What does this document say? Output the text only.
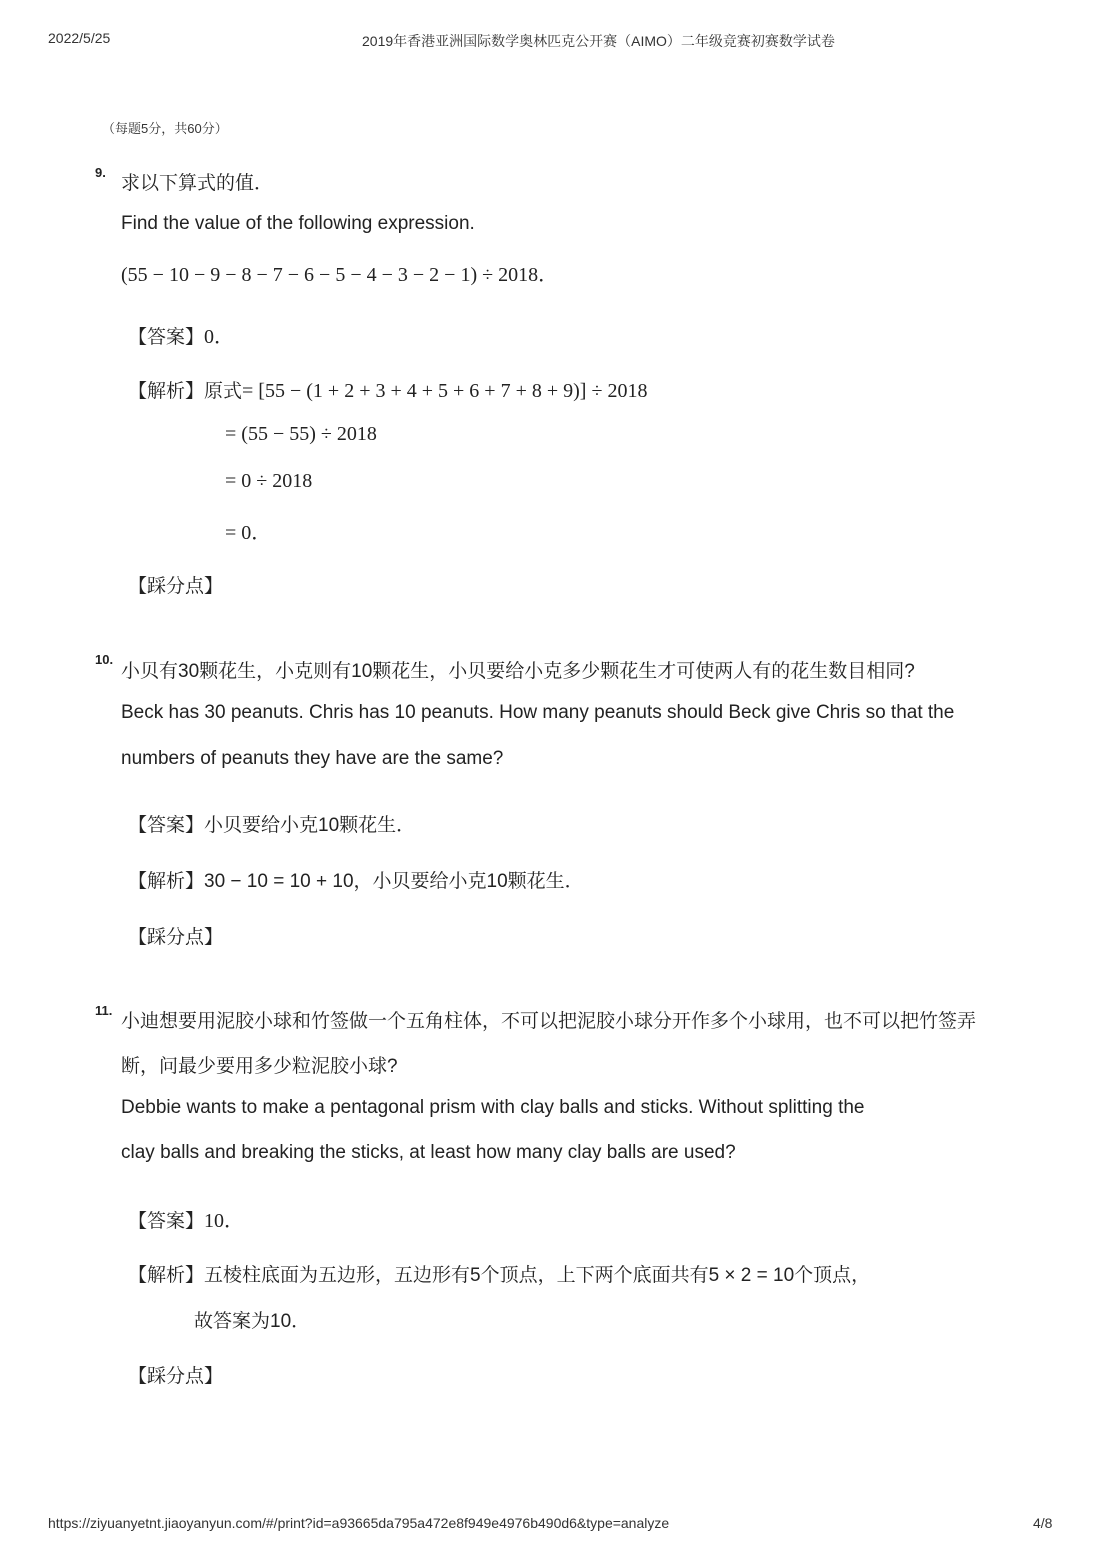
2022/5/25	2019年香港亚洲国际数学奥林匹克公开赛（AIMO）二年级竞赛初赛数学试卷
（每题5分，共60分）
9.
求以下算式的值．
Find the value of the following expression.
(55 − 10 − 9 − 8 − 7 − 6 − 5 − 4 − 3 − 2 − 1) ÷ 2018．
【答案】0．
【解析】原式= [55 − (1 + 2 + 3 + 4 + 5 + 6 + 7 + 8 + 9)] ÷ 2018
= (55 − 55) ÷ 2018
= 0 ÷ 2018
= 0．
【踩分点】
10.
小贝有30颗花生，小克则有10颗花生，小贝要给小克多少颗花生才可使两人有的花生数目相同?
Beck has 30 peanuts. Chris has 10 peanuts. How many peanuts should Beck give Chris so that the
numbers of peanuts they have are the same?
【答案】小贝要给小克10颗花生．
【解析】30 − 10 = 10 + 10，小贝要给小克10颗花生．
【踩分点】
11.
小迪想要用泥胶小球和竹签做一个五角柱体，不可以把泥胶小球分开作多个小球用，也不可以把竹签弄
断，问最少要用多少粒泥胶小球?
Debbie wants to make a pentagonal prism with clay balls and sticks. Without splitting the
clay balls and breaking the sticks, at least how many clay balls are used?
【答案】10．
【解析】五棱柱底面为五边形，五边形有5个顶点，上下两个底面共有5 × 2 = 10个顶点，
故答案为10．
【踩分点】
https://ziyuanyetnt.jiaoyanyun.com/#/print?id=a93665da795a472e8f949e4976b490d6&type=analyze	4/8
